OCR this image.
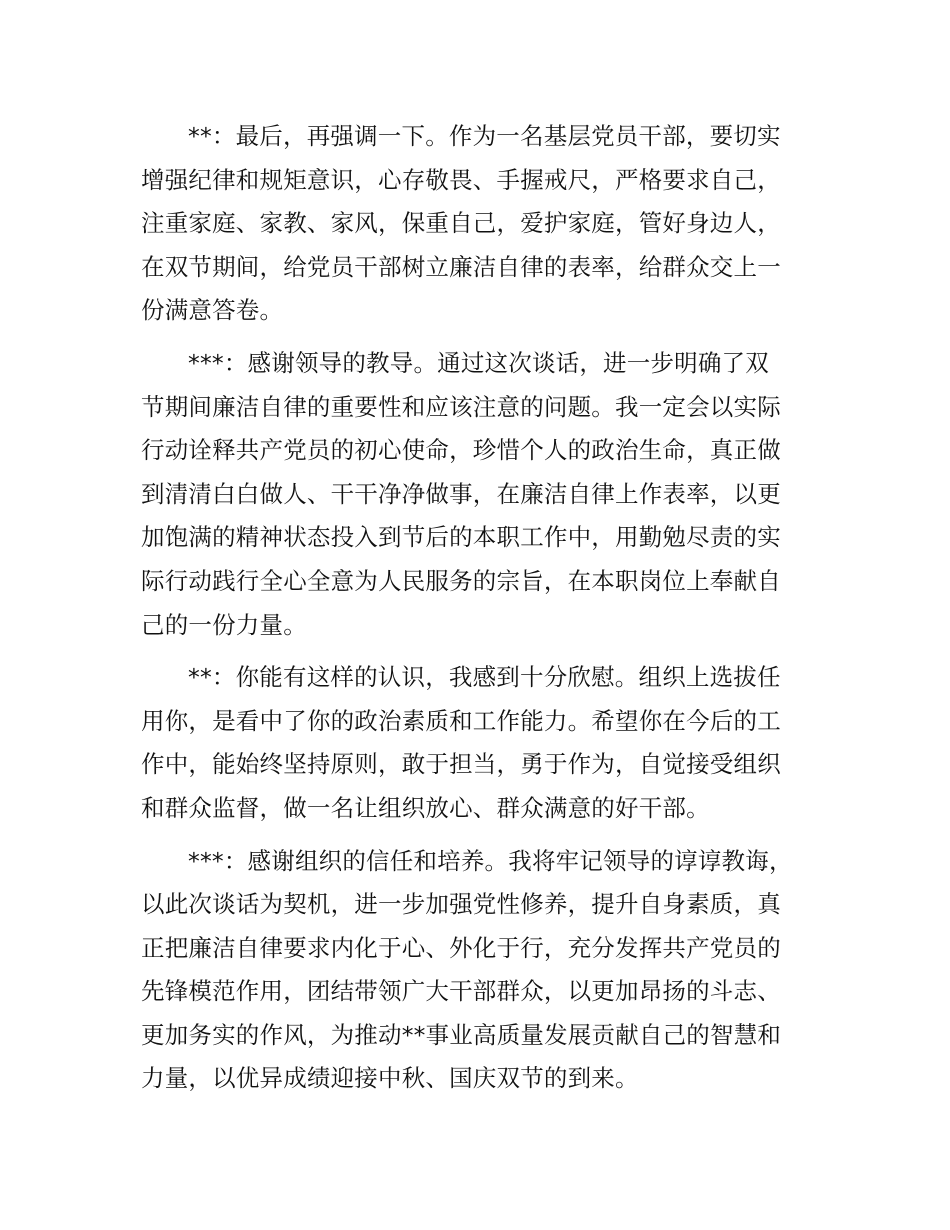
**：最后，再强调一下。作为一名基层党员干部，要切实
增强纪律和规矩意识，心存敬畏、手握戒尺，严格要求自己，
注重家庭、家教、家风，保重自己，爱护家庭，管好身边人，
在双节期间，给党员干部树立廉洁自律的表率，给群众交上一
份满意答卷。
***：感谢领导的教导。通过这次谈话，进一步明确了双
节期间廉洁自律的重要性和应该注意的问题。我一定会以实际
行动诠释共产党员的初心使命，珍惜个人的政治生命，真正做
到清清白白做人、干干净净做事，在廉洁自律上作表率，以更
加饱满的精神状态投入到节后的本职工作中，用勤勉尽责的实
际行动践行全心全意为人民服务的宗旨，在本职岗位上奉献自
己的一份力量。
**：你能有这样的认识，我感到十分欣慰。组织上选拔任
用你，是看中了你的政治素质和工作能力。希望你在今后的工
作中，能始终坚持原则，敢于担当，勇于作为，自觉接受组织
和群众监督，做一名让组织放心、群众满意的好干部。
***：感谢组织的信任和培养。我将牢记领导的谆谆教诲，
以此次谈话为契机，进一步加强党性修养，提升自身素质，真
正把廉洁自律要求内化于心、外化于行，充分发挥共产党员的
先锋模范作用，团结带领广大干部群众，以更加昂扬的斗志、
更加务实的作风，为推动**事业高质量发展贡献自己的智慧和
力量，以优异成绩迎接中秋、国庆双节的到来。
